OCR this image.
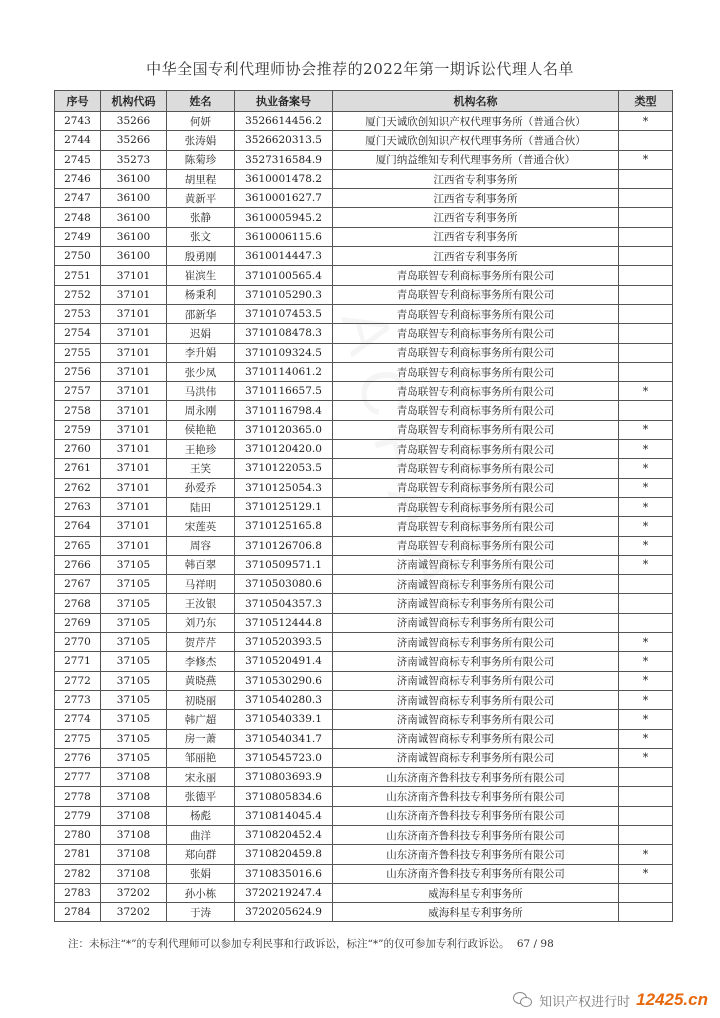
中华全国专利代理师协会推荐的2022年第一期诉讼代理人名单
序号	机构代码	姓名	执业备案号	机构名称	类型
2743	35266	何妍	3526614456.2	厦门天诚欣创知识产权代理事务所（普通合伙）	*
2744	35266	张涛娟	3526620313.5	厦门天诚欣创知识产权代理事务所（普通合伙）	
2745	35273	陈菊珍	3527316584.9	厦门纳益维知专利代理事务所（普通合伙）	*
2746	36100	胡里程	3610001478.2	江西省专利事务所	
2747	36100	黄新平	3610001627.7	江西省专利事务所	
2748	36100	张静	3610005945.2	江西省专利事务所	
2749	36100	张文	3610006115.6	江西省专利事务所	
2750	36100	殷勇刚	3610014447.3	江西省专利事务所	
2751	37101	崔滨生	3710100565.4	青岛联智专利商标事务所有限公司	
2752	37101	杨秉利	3710105290.3	青岛联智专利商标事务所有限公司	
2753	37101	邵新华	3710107453.5	青岛联智专利商标事务所有限公司	
2754	37101	迟娟	3710108478.3	青岛联智专利商标事务所有限公司	
2755	37101	李升娟	3710109324.5	青岛联智专利商标事务所有限公司	
2756	37101	张少凤	3710114061.2	青岛联智专利商标事务所有限公司	
2757	37101	马洪伟	3710116657.5	青岛联智专利商标事务所有限公司	*
2758	37101	周永刚	3710116798.4	青岛联智专利商标事务所有限公司	
2759	37101	侯艳艳	3710120365.0	青岛联智专利商标事务所有限公司	*
2760	37101	王艳珍	3710120420.0	青岛联智专利商标事务所有限公司	*
2761	37101	王笑	3710122053.5	青岛联智专利商标事务所有限公司	*
2762	37101	孙爱乔	3710125054.3	青岛联智专利商标事务所有限公司	*
2763	37101	陆田	3710125129.1	青岛联智专利商标事务所有限公司	*
2764	37101	宋莲英	3710125165.8	青岛联智专利商标事务所有限公司	*
2765	37101	周容	3710126706.8	青岛联智专利商标事务所有限公司	*
2766	37105	韩百翠	3710509571.1	济南诚智商标专利事务所有限公司	*
2767	37105	马祥明	3710503080.6	济南诚智商标专利事务所有限公司	
2768	37105	王汝银	3710504357.3	济南诚智商标专利事务所有限公司	
2769	37105	刘乃东	3710512444.8	济南诚智商标专利事务所有限公司	
2770	37105	贺芹芹	3710520393.5	济南诚智商标专利事务所有限公司	*
2771	37105	李修杰	3710520491.4	济南诚智商标专利事务所有限公司	*
2772	37105	黄晓燕	3710530290.6	济南诚智商标专利事务所有限公司	*
2773	37105	初晓丽	3710540280.3	济南诚智商标专利事务所有限公司	*
2774	37105	韩广超	3710540339.1	济南诚智商标专利事务所有限公司	*
2775	37105	房一萧	3710540341.7	济南诚智商标专利事务所有限公司	*
2776	37105	邹丽艳	3710545723.0	济南诚智商标专利事务所有限公司	*
2777	37108	宋永丽	3710803693.9	山东济南齐鲁科技专利事务所有限公司	
2778	37108	张德平	3710805834.6	山东济南齐鲁科技专利事务所有限公司	
2779	37108	杨彪	3710814045.4	山东济南齐鲁科技专利事务所有限公司	
2780	37108	曲洋	3710820452.4	山东济南齐鲁科技专利事务所有限公司	
2781	37108	郑向群	3710820459.8	山东济南齐鲁科技专利事务所有限公司	*
2782	37108	张娟	3710835016.6	山东济南齐鲁科技专利事务所有限公司	*
2783	37202	孙小栋	3720219247.4	威海科星专利事务所	
2784	37202	于涛	3720205624.9	威海科星专利事务所	
注：未标注“*”的专利代理师可以参加专利民事和行政诉讼，标注“*”的仅可参加专利行政诉讼。 67 / 98
知识产权进行时 12425.cn
